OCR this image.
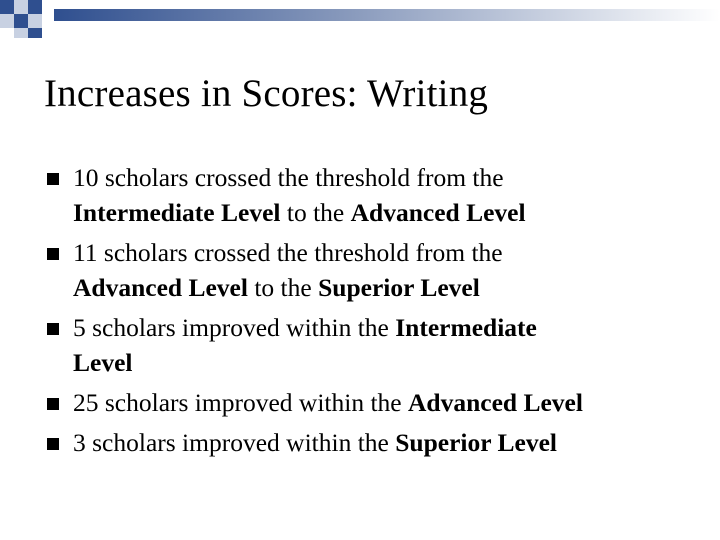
Increases in Scores: Writing
10 scholars crossed the threshold from the
Intermediate Level to the Advanced Level
11 scholars crossed the threshold from the
Advanced Level to the Superior Level
5 scholars improved within the Intermediate
Level
25 scholars improved within the Advanced Level
3 scholars improved within the Superior Level
